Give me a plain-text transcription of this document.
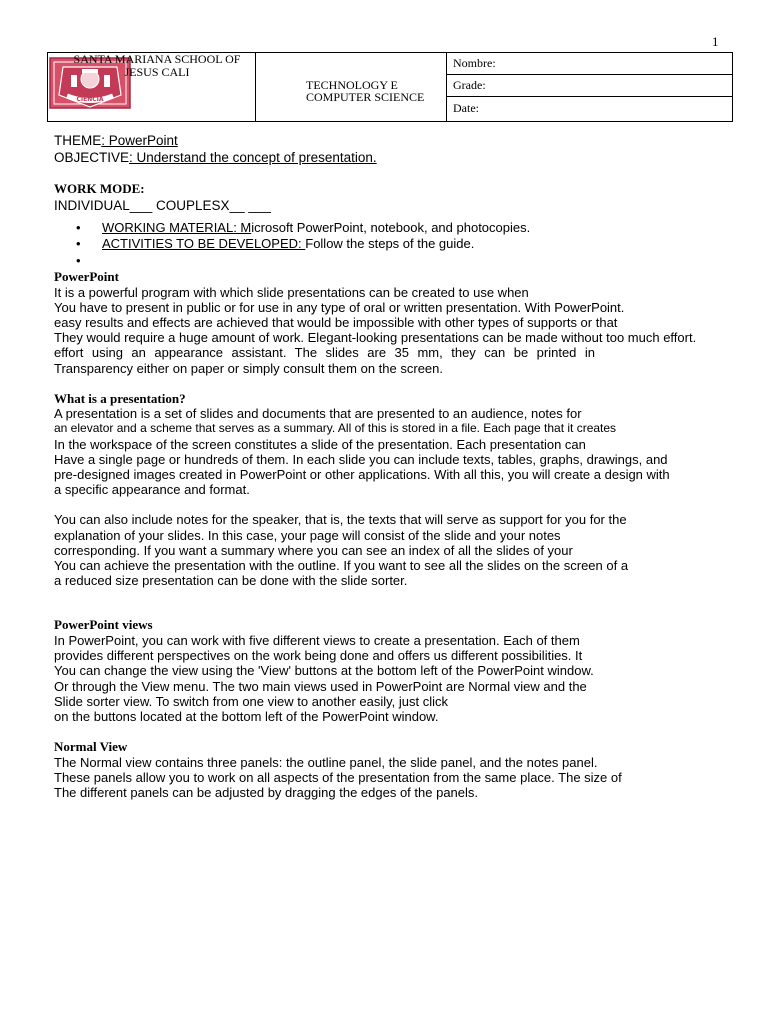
1
CIENCIA
SANTA MARIANA SCHOOL OF
JESUS CALI

TECHNOLOGY E
COMPUTER SCIENCE

Nombre:
Grade:
Date:
THEME: PowerPoint
OBJECTIVE: Understand the concept of presentation.
WORK MODE:
INDIVIDUAL___ COUPLESX__ ___
• WORKING MATERIAL: Microsoft PowerPoint, notebook, and photocopies.
• ACTIVITIES TO BE DEVELOPED: Follow the steps of the guide.
•
PowerPoint
It is a powerful program with which slide presentations can be created to use when
You have to present in public or for use in any type of oral or written presentation. With PowerPoint.
easy results and effects are achieved that would be impossible with other types of supports or that
They would require a huge amount of work. Elegant-looking presentations can be made without too much effort.
effort using an appearance assistant. The slides are 35 mm, they can be printed in
Transparency either on paper or simply consult them on the screen.
What is a presentation?
A presentation is a set of slides and documents that are presented to an audience, notes for
an elevator and a scheme that serves as a summary. All of this is stored in a file. Each page that it creates
In the workspace of the screen constitutes a slide of the presentation. Each presentation can
Have a single page or hundreds of them. In each slide you can include texts, tables, graphs, drawings, and
pre-designed images created in PowerPoint or other applications. With all this, you will create a design with
a specific appearance and format.
You can also include notes for the speaker, that is, the texts that will serve as support for you for the
explanation of your slides. In this case, your page will consist of the slide and your notes
corresponding. If you want a summary where you can see an index of all the slides of your
You can achieve the presentation with the outline. If you want to see all the slides on the screen of a
a reduced size presentation can be done with the slide sorter.
PowerPoint views
In PowerPoint, you can work with five different views to create a presentation. Each of them
provides different perspectives on the work being done and offers us different possibilities. It
You can change the view using the 'View' buttons at the bottom left of the PowerPoint window.
Or through the View menu. The two main views used in PowerPoint are Normal view and the
Slide sorter view. To switch from one view to another easily, just click
on the buttons located at the bottom left of the PowerPoint window.
Normal View
The Normal view contains three panels: the outline panel, the slide panel, and the notes panel.
These panels allow you to work on all aspects of the presentation from the same place. The size of
The different panels can be adjusted by dragging the edges of the panels.
